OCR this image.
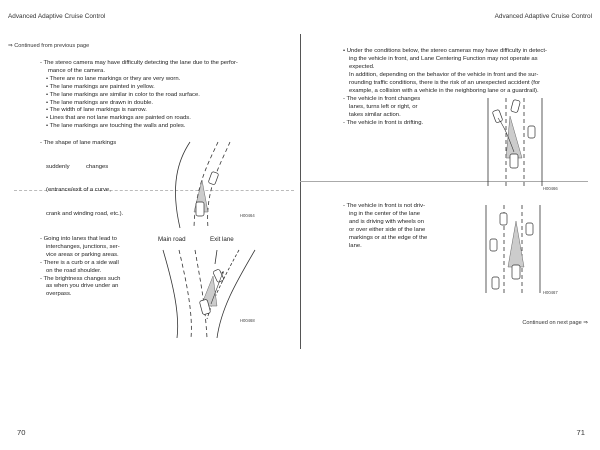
Advanced Adaptive Cruise Control	Advanced Adaptive Cruise Control
⇒ Continued from previous page

- The stereo camera may have difficulty detecting the lane due to the perfor-

mance of the camera.

• There are no lane markings or they are very worn.

• The lane markings are painted in yellow.

• The lane markings are similar in color to the road surface.

• The lane markings are drawn in double.

• The width of lane markings is narrow.

• Lines that are not lane markings are painted on roads.

• The lane markings are touching the walls and poles.

- The shape of lane markings

suddenly          changes

(entrance/exit of a curve,

crank and winding road, etc.).	H00464

- Going into lanes that lead to

interchanges, junctions, ser-

vice areas or parking areas.

- There is a curb or a side wall

on the road shoulder.

- The brightness changes such

as when you drive under an

overpass.

Main road	Exit lane
H00468

• Under the conditions below, the stereo cameras may have difficulty in detect-

ing the vehicle in front, and Lane Centering Function may not operate as

expected.

In addition, depending on the behavior of the vehicle in front and the sur-

rounding traffic conditions, there is the risk of an unexpected accident (for

example, a collision with a vehicle in the neighboring lane or a guardrail).

- The vehicle in front changes

lanes, turns left or right, or

takes similar action.

- The vehicle in front is drifting.

H00466

- The vehicle in front is not driv-

ing in the center of the lane

and is driving with wheels on

or over either side of the lane

markings or at the edge of the

lane.

H00467
Continued on next page ⇒
70	71
